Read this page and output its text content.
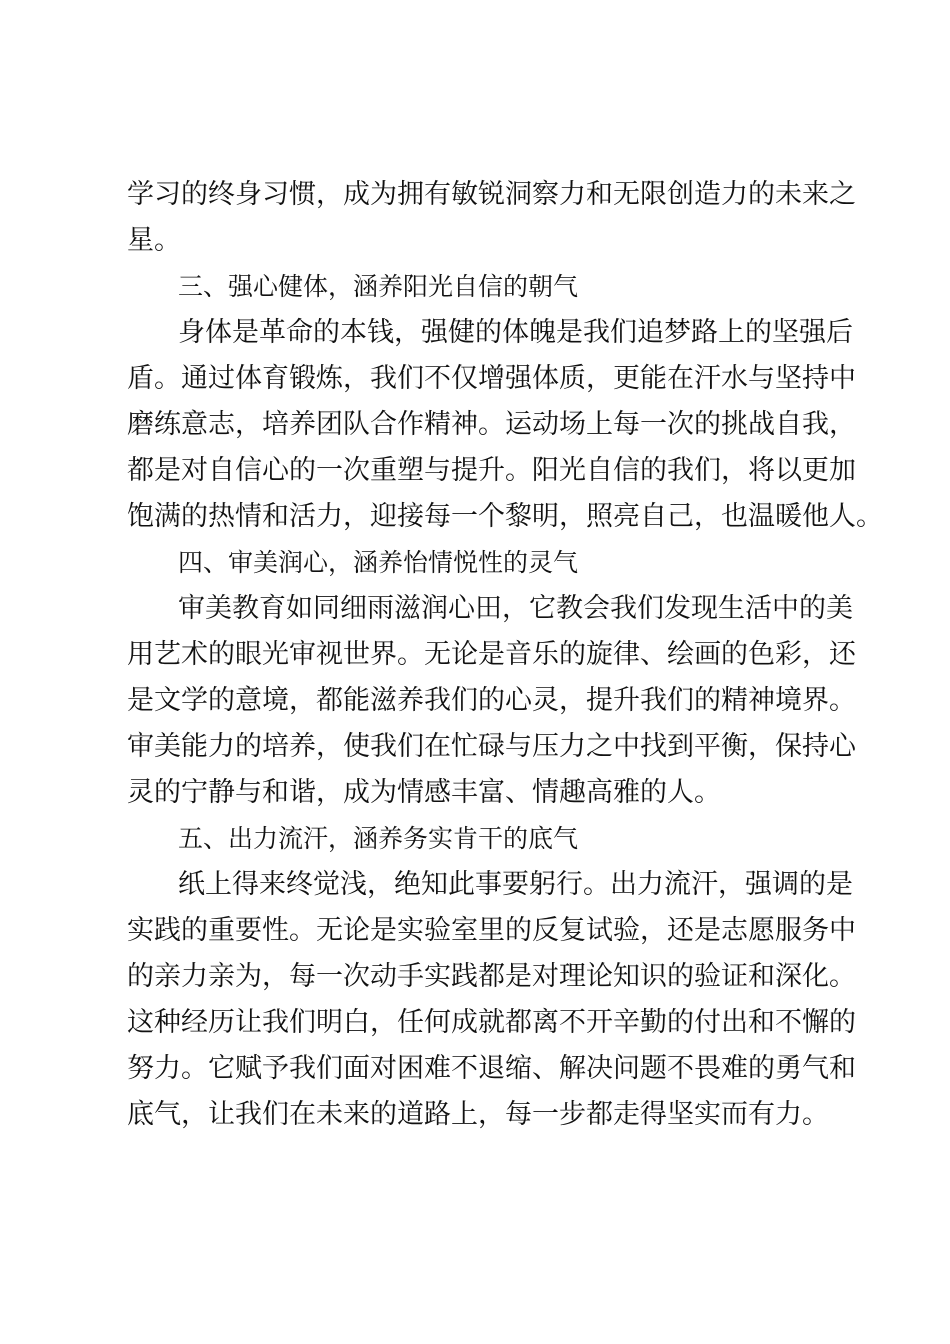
学习的终身习惯，成为拥有敏锐洞察力和无限创造力的未来之

星。

三、强心健体，涵养阳光自信的朝气

身体是革命的本钱，强健的体魄是我们追梦路上的坚强后

盾。通过体育锻炼，我们不仅增强体质，更能在汗水与坚持中

磨练意志，培养团队合作精神。运动场上每一次的挑战自我，

都是对自信心的一次重塑与提升。阳光自信的我们，将以更加

饱满的热情和活力，迎接每一个黎明，照亮自己，也温暖他人。

四、审美润心，涵养怡情悦性的灵气

审美教育如同细雨滋润心田，它教会我们发现生活中的美

用艺术的眼光审视世界。无论是音乐的旋律、绘画的色彩，还

是文学的意境，都能滋养我们的心灵，提升我们的精神境界。

审美能力的培养，使我们在忙碌与压力之中找到平衡，保持心

灵的宁静与和谐，成为情感丰富、情趣高雅的人。

五、出力流汗，涵养务实肯干的底气

纸上得来终觉浅，绝知此事要躬行。出力流汗，强调的是

实践的重要性。无论是实验室里的反复试验，还是志愿服务中

的亲力亲为，每一次动手实践都是对理论知识的验证和深化。

这种经历让我们明白，任何成就都离不开辛勤的付出和不懈的

努力。它赋予我们面对困难不退缩、解决问题不畏难的勇气和

底气，让我们在未来的道路上，每一步都走得坚实而有力。
